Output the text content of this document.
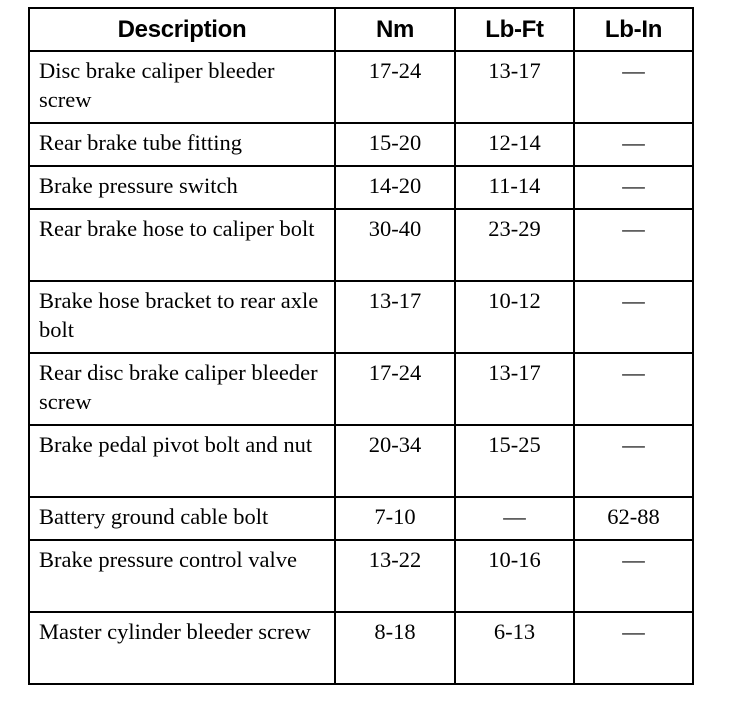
Description	Nm	Lb-Ft	Lb-In
Disc brake caliper bleeder screw	17-24	13-17	—
Rear brake tube fitting	15-20	12-14	—
Brake pressure switch	14-20	11-14	—
Rear brake hose to caliper bolt	30-40	23-29	—
Brake hose bracket to rear axle bolt	13-17	10-12	—
Rear disc brake caliper bleeder screw	17-24	13-17	—
Brake pedal pivot bolt and nut	20-34	15-25	—
Battery ground cable bolt	7-10	—	62-88
Brake pressure control valve	13-22	10-16	—
Master cylinder bleeder screw	8-18	6-13	—
